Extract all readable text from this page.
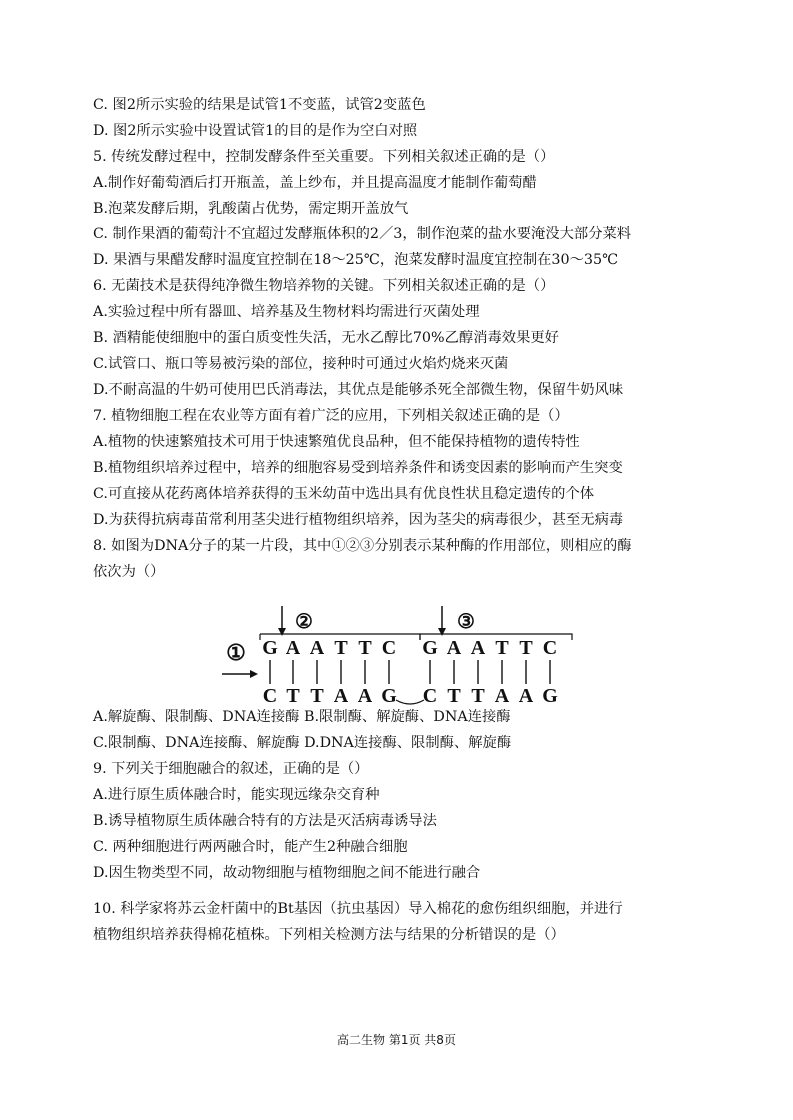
C. 图2所示实验的结果是试管1不变蓝，试管2变蓝色
D. 图2所示实验中设置试管1的目的是作为空白对照
5. 传统发酵过程中，控制发酵条件至关重要。下列相关叙述正确的是（）
A.制作好葡萄酒后打开瓶盖，盖上纱布，并且提高温度才能制作葡萄醋
B.泡菜发酵后期，乳酸菌占优势，需定期开盖放气
C. 制作果酒的葡萄汁不宜超过发酵瓶体积的2／3，制作泡菜的盐水要淹没大部分菜料
D. 果酒与果醋发酵时温度宜控制在18～25℃，泡菜发酵时温度宜控制在30～35℃
6. 无菌技术是获得纯净微生物培养物的关键。下列相关叙述正确的是（）
A.实验过程中所有器皿、培养基及生物材料均需进行灭菌处理
B. 酒精能使细胞中的蛋白质变性失活，无水乙醇比70%乙醇消毒效果更好
C.试管口、瓶口等易被污染的部位，接种时可通过火焰灼烧来灭菌
D.不耐高温的牛奶可使用巴氏消毒法，其优点是能够杀死全部微生物，保留牛奶风味
7. 植物细胞工程在农业等方面有着广泛的应用，下列相关叙述正确的是（）
A.植物的快速繁殖技术可用于快速繁殖优良品种，但不能保持植物的遗传特性
B.植物组织培养过程中，培养的细胞容易受到培养条件和诱变因素的影响而产生突变
C.可直接从花药离体培养获得的玉米幼苗中选出具有优良性状且稳定遗传的个体
D.为获得抗病毒苗常利用茎尖进行植物组织培养，因为茎尖的病毒很少，甚至无病毒
8. 如图为DNA分子的某一片段，其中①②③分别表示某种酶的作用部位，则相应的酶
依次为（）
A.解旋酶、限制酶、DNA连接酶 B.限制酶、解旋酶、DNA连接酶
C.限制酶、DNA连接酶、解旋酶 D.DNA连接酶、限制酶、解旋酶
9. 下列关于细胞融合的叙述，正确的是（）
A.进行原生质体融合时，能实现远缘杂交育种
B.诱导植物原生质体融合特有的方法是灭活病毒诱导法
C. 两种细胞进行两两融合时，能产生2种融合细胞
D.因生物类型不同，故动物细胞与植物细胞之间不能进行融合
10. 科学家将苏云金杆菌中的Bt基因（抗虫基因）导入棉花的愈伤组织细胞，并进行
植物组织培养获得棉花植株。下列相关检测方法与结果的分析错误的是（）
①
②	③
G
C
A
T
A
T
T
A
T
A
C
G
G
C
A
T
A
T
T
A
T
A
C
G
高二生物 第1页 共8页
